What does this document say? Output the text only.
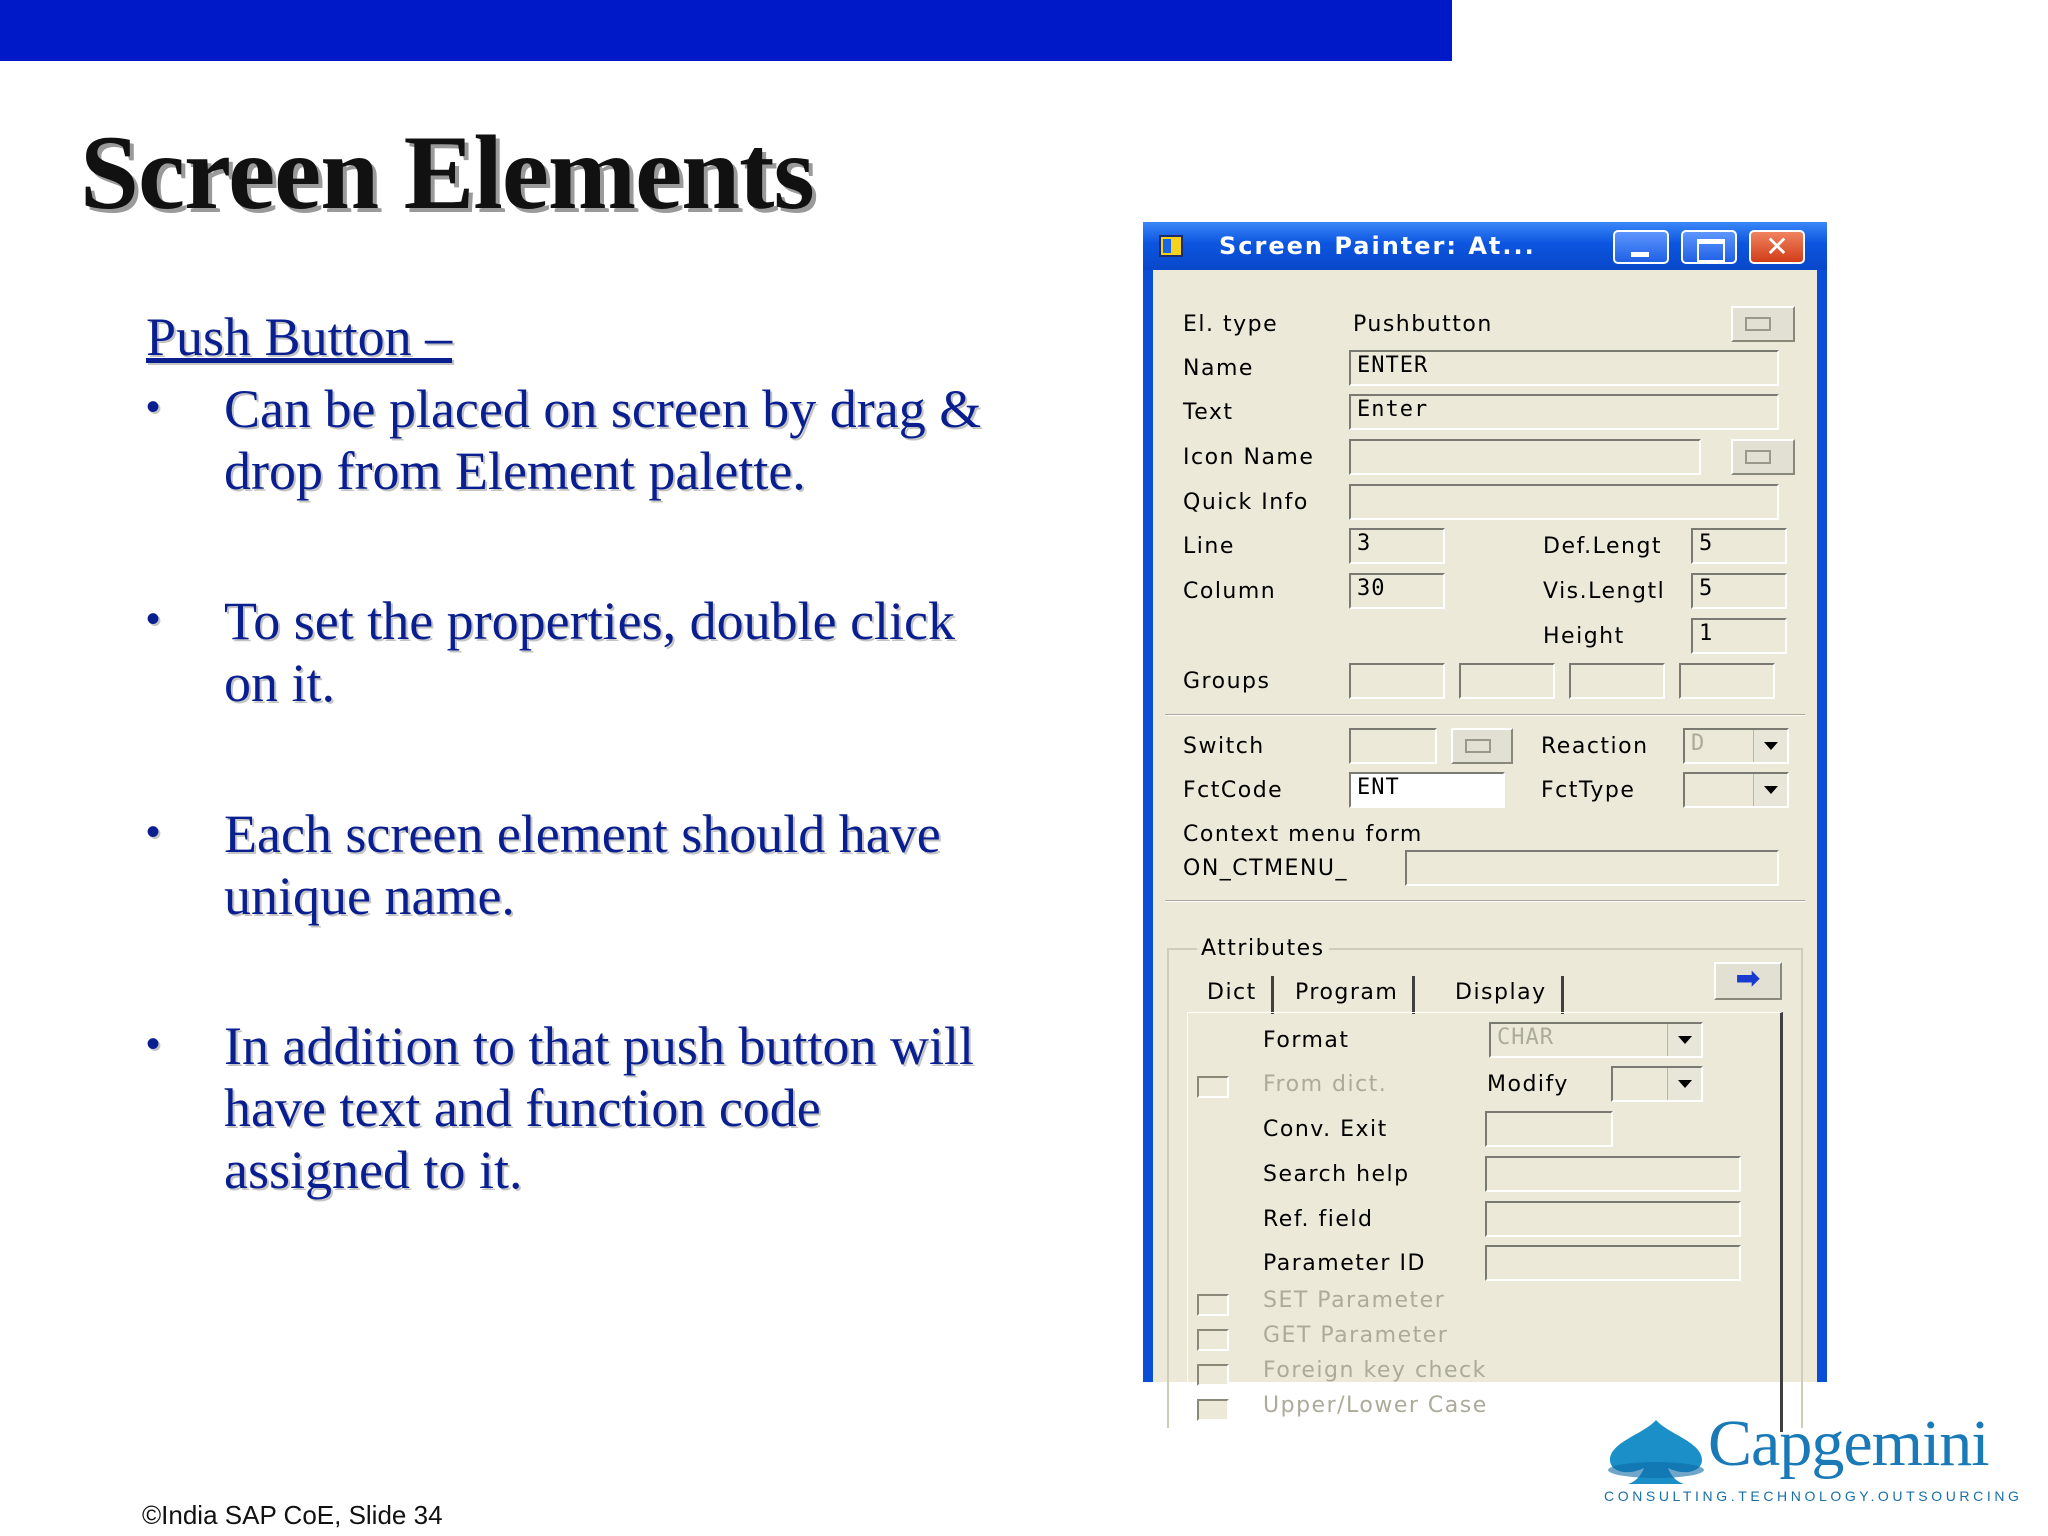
Screen Elements
Push Button –
• Can be placed on screen by drag & drop from Element palette.
• To set the properties, double click on it.
• Each screen element should have unique name.
• In addition to that push button will have text and function code assigned to it.
©India SAP CoE, Slide 34
Capgemini
CONSULTING.TECHNOLOGY.OUTSOURCING
Screen Painter: At...	✕
El. type	Pushbutton
Name	ENTER
Text	Enter
Icon Name
Quick Info
Line	3	Def.Lengt	5
Column	30	Vis.Lengtl	5
Height	1
Groups
Switch	Reaction	D
FctCode	ENT	FctType
Context menu form
ON_CTMENU_
Attributes
➡
Dict	Program	Display
Format	CHAR
From dict.	Modify
Conv. Exit
Search help
Ref. field
Parameter ID
SET Parameter
GET Parameter
Foreign key check
Upper/Lower Case
